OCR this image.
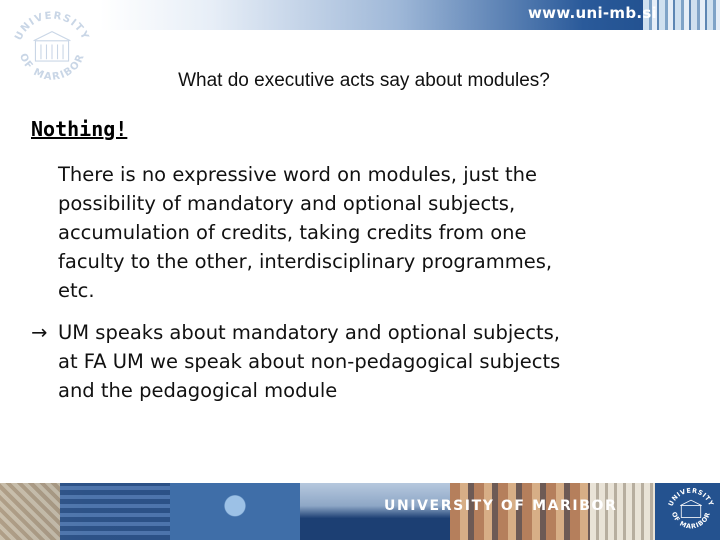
www.uni-mb.si
UNIVERSITY
OF MARIBOR
What do executive acts say about modules?
Nothing!
There is no expressive word on modules, just the
possibility of mandatory and optional subjects,
accumulation of credits, taking credits from one
faculty to the other, interdisciplinary programmes,
etc.
→ UM speaks about mandatory and optional subjects,
at FA UM we speak about non-pedagogical subjects
and the pedagogical module
UNIVERSITY OF MARIBOR	UNIVERSITY
OF MARIBOR
